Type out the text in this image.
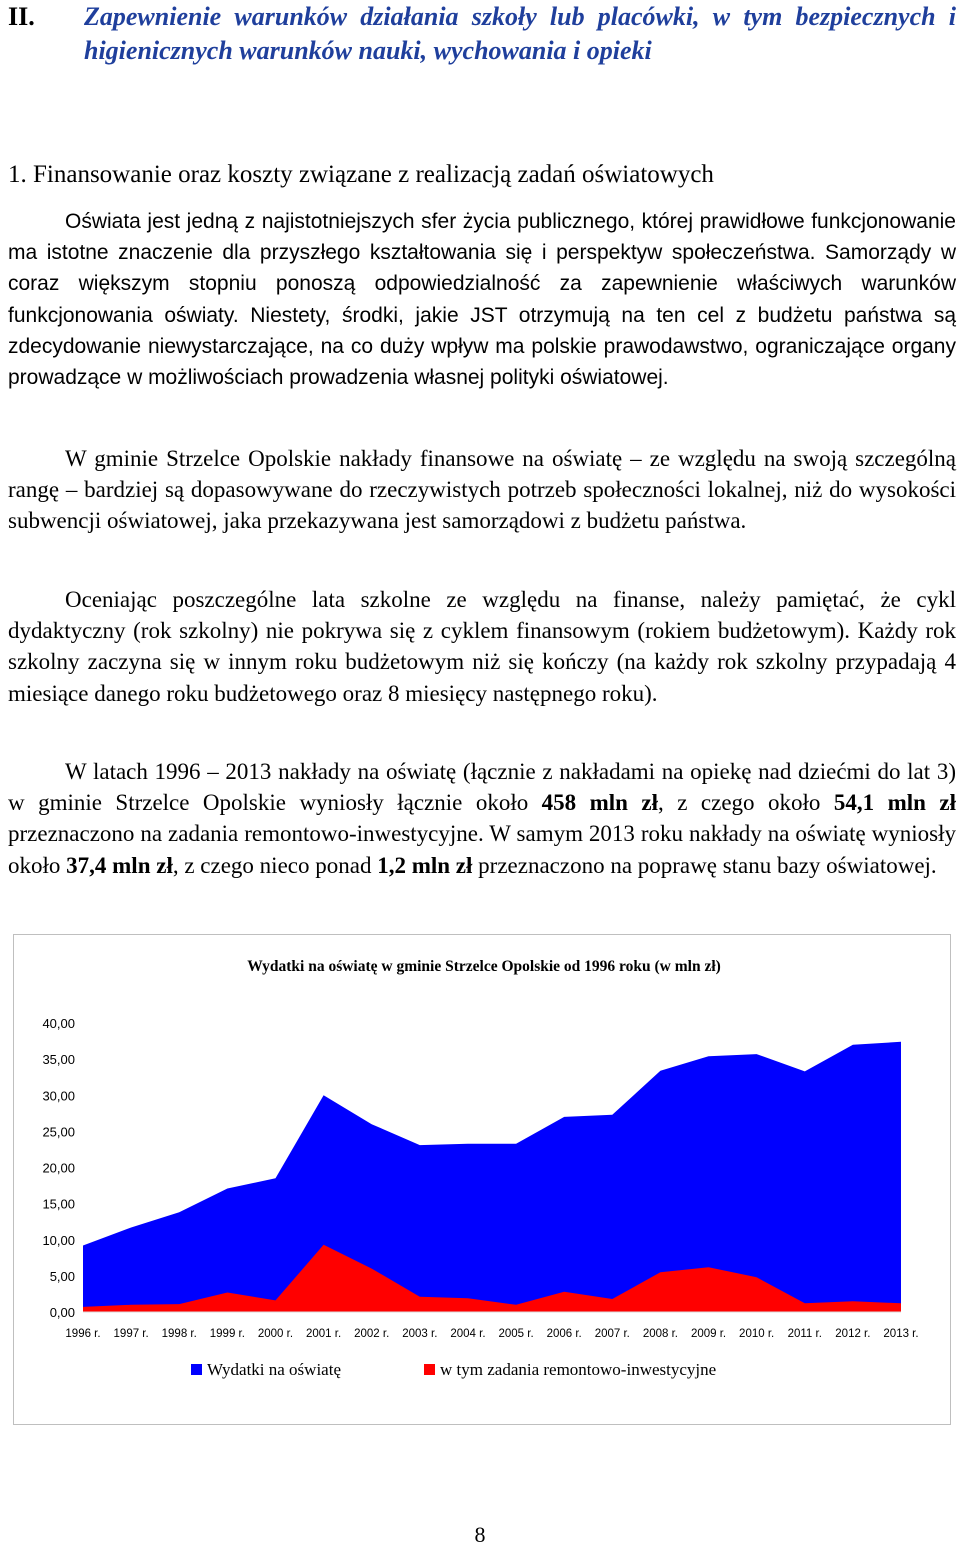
II. Zapewnienie warunków działania szkoły lub placówki, w tym bezpiecznych i higienicznych warunków nauki, wychowania i opieki
1. Finansowanie oraz koszty związane z realizacją zadań oświatowych

Oświata jest jedną z najistotniejszych sfer życia publicznego, której prawidłowe funkcjonowanie ma istotne znaczenie dla przyszłego kształtowania się i perspektyw społeczeństwa. Samorządy w coraz większym stopniu ponoszą odpowiedzialność za zapewnienie właściwych warunków funkcjonowania oświaty. Niestety, środki, jakie JST otrzymują na ten cel z budżetu państwa są zdecydowanie niewystarczające, na co duży wpływ ma polskie prawodawstwo, ograniczające organy prowadzące w możliwościach prowadzenia własnej polityki oświatowej.

W gminie Strzelce Opolskie nakłady finansowe na oświatę – ze względu na swoją szczególną rangę – bardziej są dopasowywane do rzeczywistych potrzeb społeczności lokalnej, niż do wysokości subwencji oświatowej, jaka przekazywana jest samorządowi z budżetu państwa.

Oceniając poszczególne lata szkolne ze względu na finanse, należy pamiętać, że cykl dydaktyczny (rok szkolny) nie pokrywa się z cyklem finansowym (rokiem budżetowym). Każdy rok szkolny zaczyna się w innym roku budżetowym niż się kończy (na każdy rok szkolny przypadają 4 miesiące danego roku budżetowego oraz 8 miesięcy następnego roku).

W latach 1996 – 2013 nakłady na oświatę (łącznie z nakładami na opiekę nad dziećmi do lat 3) w gminie Strzelce Opolskie wyniosły łącznie około 458 mln zł, z czego około 54,1 mln zł przeznaczono na zadania remontowo-inwestycyjne. W samym 2013 roku nakłady na oświatę wyniosły około 37,4 mln zł, z czego nieco ponad 1,2 mln zł przeznaczono na poprawę stanu bazy oświatowej.

Wydatki na oświatę w gminie Strzelce Opolskie od 1996 roku (w mln zł)
0,00
5,00
10,00
15,00
20,00
25,00
30,00
35,00
40,00
1996 r. 1997 r. 1998 r. 1999 r. 2000 r. 2001 r. 2002 r. 2003 r. 2004 r. 2005 r. 2006 r. 2007 r. 2008 r. 2009 r. 2010 r. 2011 r. 2012 r. 2013 r.
Wydatki na oświatę	w tym zadania remontowo-inwestycyjne
8
